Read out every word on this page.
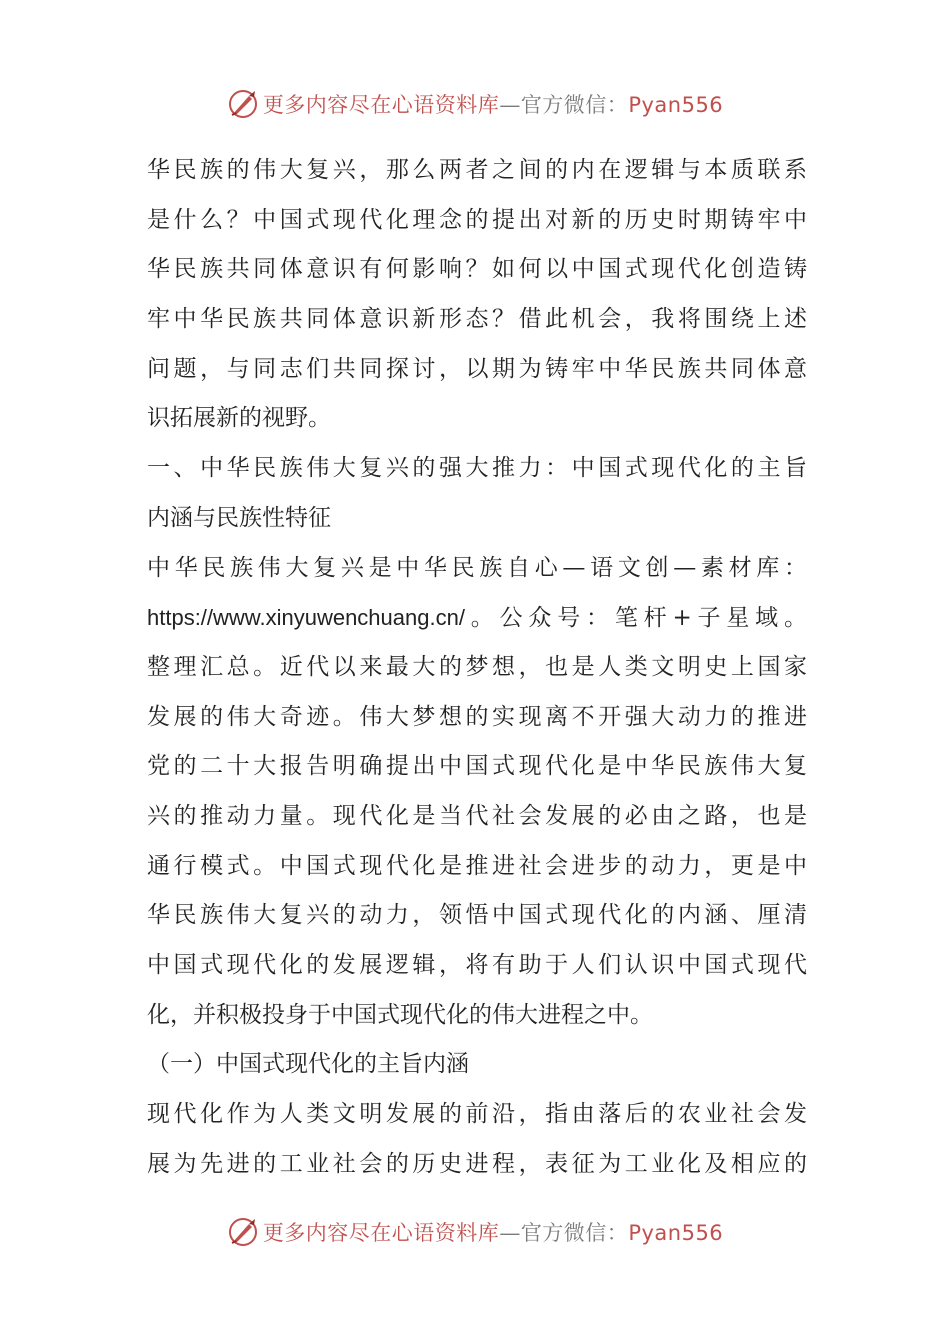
更多内容尽在心语资料库—官方微信：Pyan556
华民族的伟大复兴，那么两者之间的内在逻辑与本质联系
是什么？中国式现代化理念的提出对新的历史时期铸牢中
华民族共同体意识有何影响？如何以中国式现代化创造铸
牢中华民族共同体意识新形态？借此机会，我将围绕上述
问题，与同志们共同探讨，以期为铸牢中华民族共同体意
识拓展新的视野。
一、中华民族伟大复兴的强大推力：中国式现代化的主旨
内涵与民族性特征
中华民族伟大复兴是中华民族自心—语文创—素材库：
https://www.xinyuwenchuang.cn/。公众号：笔杆+子星域。
整理汇总。近代以来最大的梦想，也是人类文明史上国家
发展的伟大奇迹。伟大梦想的实现离不开强大动力的推进
党的二十大报告明确提出中国式现代化是中华民族伟大复
兴的推动力量。现代化是当代社会发展的必由之路，也是
通行模式。中国式现代化是推进社会进步的动力，更是中
华民族伟大复兴的动力，领悟中国式现代化的内涵、厘清
中国式现代化的发展逻辑，将有助于人们认识中国式现代
化，并积极投身于中国式现代化的伟大进程之中。
（一）中国式现代化的主旨内涵
现代化作为人类文明发展的前沿，指由落后的农业社会发
展为先进的工业社会的历史进程，表征为工业化及相应的
更多内容尽在心语资料库—官方微信：Pyan556
